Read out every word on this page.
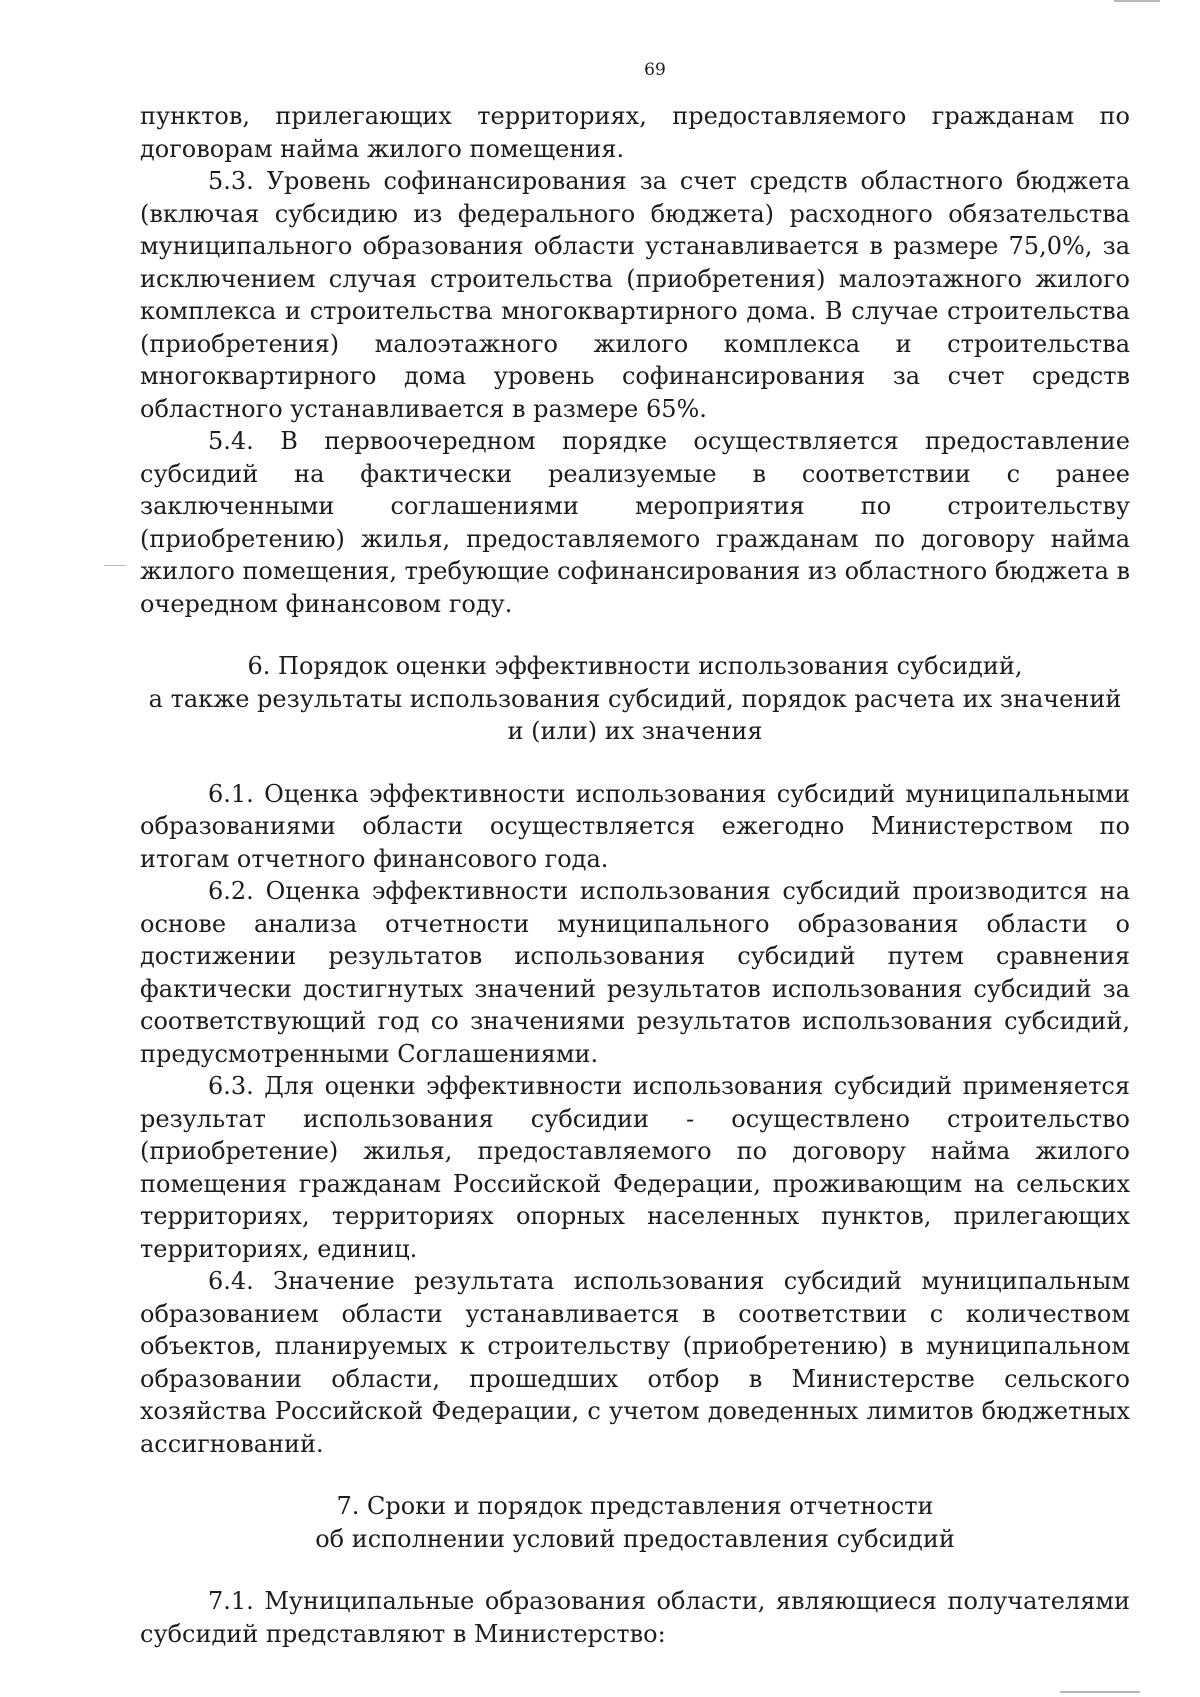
69

пунктов, прилегающих территориях, предоставляемого гражданам по договорам найма жилого помещения.

5.3. Уровень софинансирования за счет средств областного бюджета (включая субсидию из федерального бюджета) расходного обязательства муниципального образования области устанавливается в размере 75,0%, за исключением случая строительства (приобретения) малоэтажного жилого комплекса и строительства многоквартирного дома. В случае строительства (приобретения) малоэтажного жилого комплекса и строительства многоквартирного дома уровень софинансирования за счет средств областного устанавливается в размере 65%.

5.4. В первоочередном порядке осуществляется предоставление субсидий на фактически реализуемые в соответствии с ранее заключенными соглашениями мероприятия по строительству (приобретению) жилья, предоставляемого гражданам по договору найма жилого помещения, требующие софинансирования из областного бюджета в очередном финансовом году.

6. Порядок оценки эффективности использования субсидий,
а также результаты использования субсидий, порядок расчета их значений
и (или) их значения

6.1. Оценка эффективности использования субсидий муниципальными образованиями области осуществляется ежегодно Министерством по итогам отчетного финансового года.

6.2. Оценка эффективности использования субсидий производится на основе анализа отчетности муниципального образования области о достижении результатов использования субсидий путем сравнения фактически достигнутых значений результатов использования субсидий за соответствующий год со значениями результатов использования субсидий, предусмотренными Соглашениями.

6.3. Для оценки эффективности использования субсидий применяется результат использования субсидии - осуществлено строительство (приобретение) жилья, предоставляемого по договору найма жилого помещения гражданам Российской Федерации, проживающим на сельских территориях, территориях опорных населенных пунктов, прилегающих территориях, единиц.

6.4. Значение результата использования субсидий муниципальным образованием области устанавливается в соответствии с количеством объектов, планируемых к строительству (приобретению) в муниципальном образовании области, прошедших отбор в Министерстве сельского хозяйства Российской Федерации, с учетом доведенных лимитов бюджетных ассигнований.

7. Сроки и порядок представления отчетности
об исполнении условий предоставления субсидий

7.1. Муниципальные образования области, являющиеся получателями субсидий представляют в Министерство:
